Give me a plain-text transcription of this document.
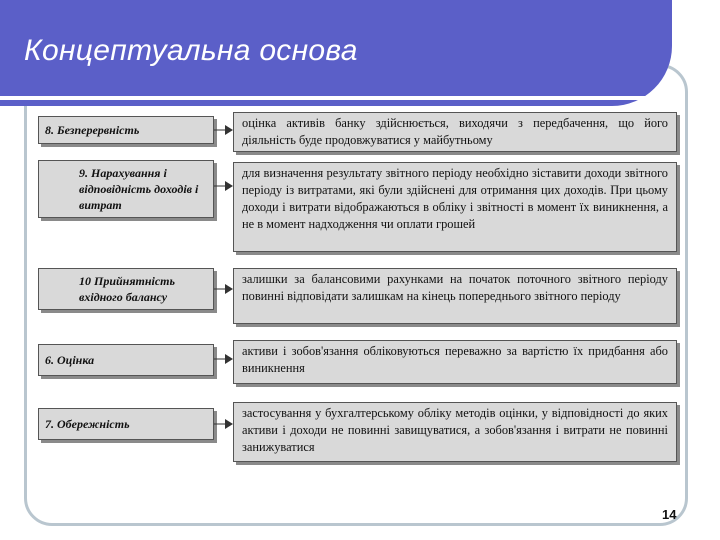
Концептуальна основа
8. Безперервність	оцінка активів банку здійснюється, виходячи з передбачення, що його діяльність буде продовжуватися у майбутньому
9. Нарахування і відповідність доходів і витрат
для визначення результату звітного періоду необхідно зіставити доходи звітного періоду із витратами, які були здійснені для отримання цих доходів. При цьому доходи і витрати відображаються в обліку і звітності в момент їх виникнення, а не в момент надходження чи оплати грошей
10 Прийнятність вхідного балансу
залишки за балансовими рахунками на початок поточного звітного періоду повинні відповідати залишкам на кінець попереднього звітного періоду
6. Оцінка
активи і зобов'язання обліковуються переважно за вартістю їх придбання або виникнення
7. Обережність
застосування у бухгалтерському обліку методів оцінки, у відповідності до яких активи і доходи не повинні завищуватися, а зобов'язання і витрати не повинні занижуватися
14
